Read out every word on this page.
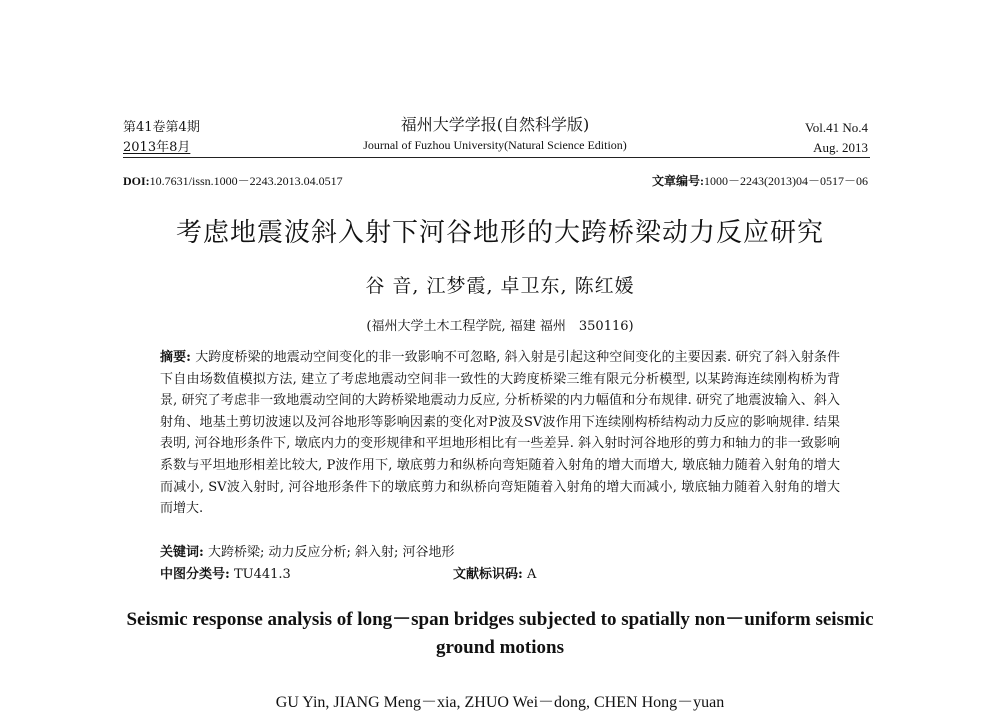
第41卷第4期
2013年8月
福州大学学报(自然科学版)
Journal of Fuzhou University(Natural Science Edition)
Vol.41 No.4
Aug. 2013
DOI:10.7631/issn.1000－2243.2013.04.0517	文章编号:1000－2243(2013)04－0517－06
考虑地震波斜入射下河谷地形的大跨桥梁动力反应研究
谷 音, 江梦霞, 卓卫东, 陈红媛
(福州大学土木工程学院, 福建 福州　350116)
摘要: 大跨度桥梁的地震动空间变化的非一致影响不可忽略, 斜入射是引起这种空间变化的主要因素. 研究了斜入射条件下自由场数值模拟方法, 建立了考虑地震动空间非一致性的大跨度桥梁三维有限元分析模型, 以某跨海连续刚构桥为背景, 研究了考虑非一致地震动空间的大跨桥梁地震动力反应, 分析桥梁的内力幅值和分布规律. 研究了地震波输入、斜入射角、地基土剪切波速以及河谷地形等影响因素的变化对P波及SV波作用下连续刚构桥结构动力反应的影响规律. 结果表明, 河谷地形条件下, 墩底内力的变形规律和平坦地形相比有一些差异. 斜入射时河谷地形的剪力和轴力的非一致影响系数与平坦地形相差比较大, P波作用下, 墩底剪力和纵桥向弯矩随着入射角的增大而增大, 墩底轴力随着入射角的增大而减小, SV波入射时, 河谷地形条件下的墩底剪力和纵桥向弯矩随着入射角的增大而减小, 墩底轴力随着入射角的增大而增大.
关键词: 大跨桥梁; 动力反应分析; 斜入射; 河谷地形
中图分类号: TU441.3	文献标识码: A
Seismic response analysis of long－span bridges subjected to spatially non－uniform seismic ground motions
GU Yin, JIANG Meng－xia, ZHUO Wei－dong, CHEN Hong－yuan
